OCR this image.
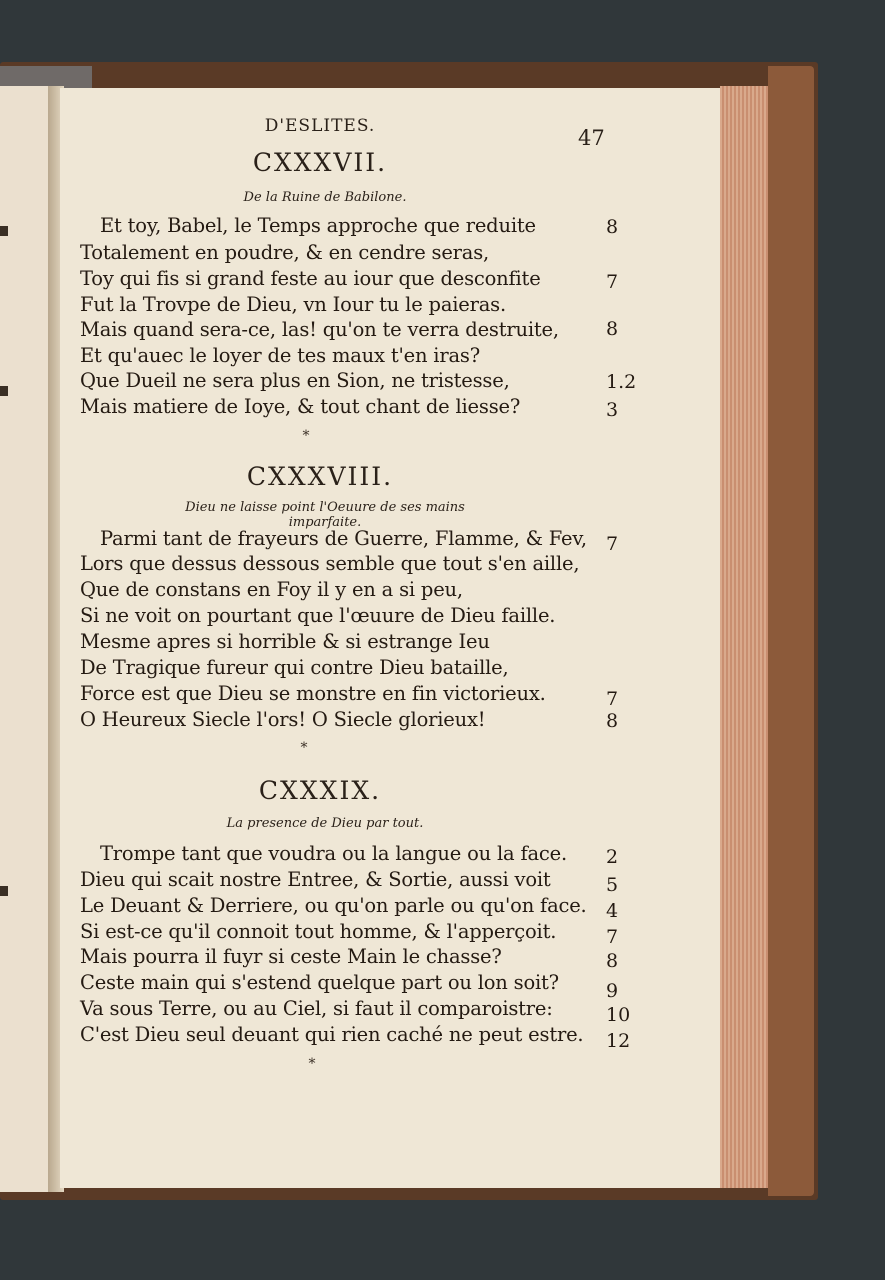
D'ESLITES.	47
CXXXVII.
De la Ruine de Babilone.
Et toy, Babel, le Temps approche que reduite	8
Totalement en poudre, & en cendre seras,
Toy qui fis si grand feste au iour que desconfite	7
Fut la Trovpe de Dieu, vn Iour tu le paieras.
Mais quand sera-ce, las! qu'on te verra destruite,	8
Et qu'auec le loyer de tes maux t'en iras?
Que Dueil ne sera plus en Sion, ne tristesse,	1.2
Mais matiere de Ioye, & tout chant de liesse?	3
*
CXXXVIII.
Dieu ne laisse point l'Oeuure de ses mains imparfaite.
Parmi tant de frayeurs de Guerre, Flamme, & Fev,	7
Lors que dessus dessous semble que tout s'en aille,
Que de constans en Foy il y en a si peu,
Si ne voit on pourtant que l'œuure de Dieu faille.
Mesme apres si horrible & si estrange Ieu
De Tragique fureur qui contre Dieu bataille,
Force est que Dieu se monstre en fin victorieux.	7
O Heureux Siecle l'ors! O Siecle glorieux!	8
*
CXXXIX.
La presence de Dieu par tout.
Trompe tant que voudra ou la langue ou la face.	2
Dieu qui scait nostre Entree, & Sortie, aussi voit	5
Le Deuant & Derriere, ou qu'on parle ou qu'on face.	4
Si est-ce qu'il connoit tout homme, & l'apperçoit.	7
Mais pourra il fuyr si ceste Main le chasse?	8
Ceste main qui s'estend quelque part ou lon soit?	9
Va sous Terre, ou au Ciel, si faut il comparoistre:	10
C'est Dieu seul deuant qui rien caché ne peut estre.	12
*
